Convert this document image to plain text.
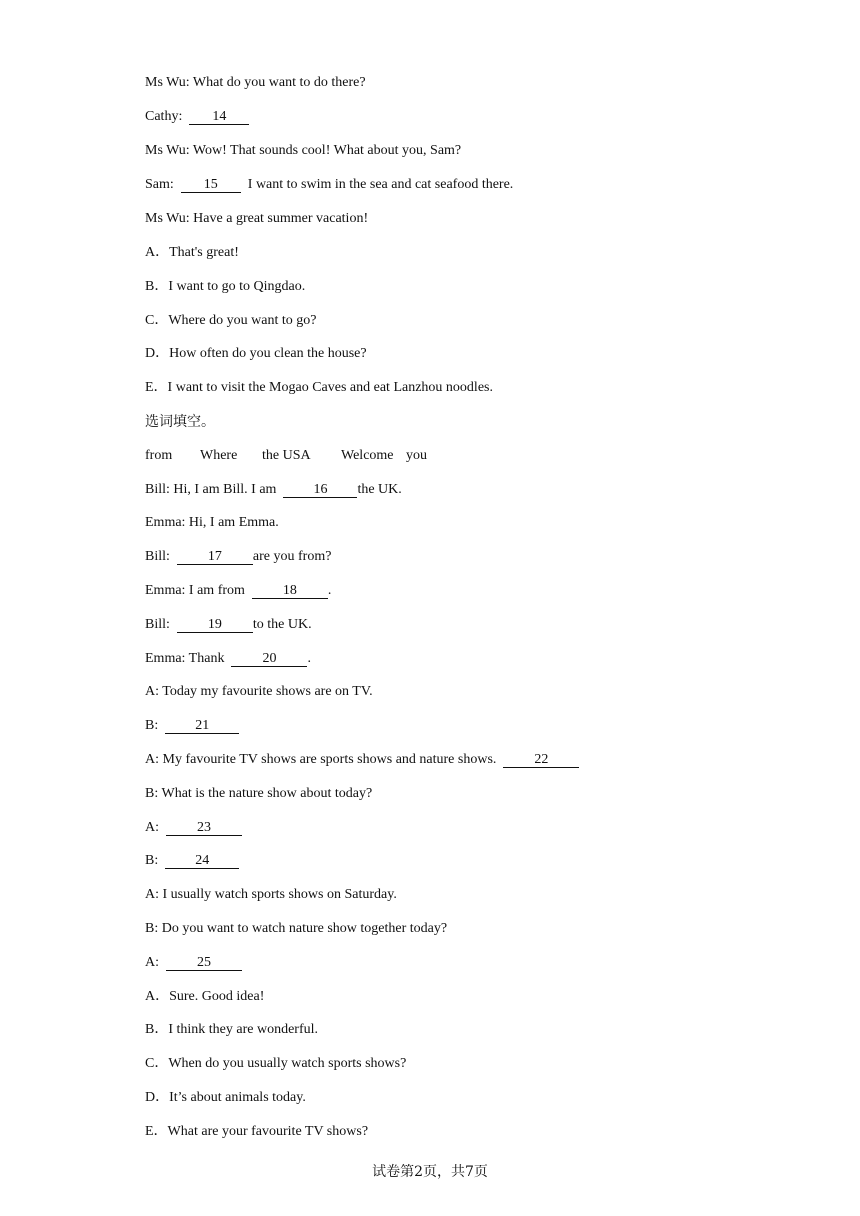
Ms Wu: What do you want to do there?
Cathy: 14
Ms Wu: Wow! That sounds cool! What about you, Sam?
Sam: 15 I want to swim in the sea and cat seafood there.
Ms Wu: Have a great summer vacation!
A．That's great!
B．I want to go to Qingdao.
C．Where do you want to go?
D．How often do you clean the house?
E．I want to visit the Mogao Caves and eat Lanzhou noodles.
选词填空。
from Where the USA Welcome you

Bill: Hi, I am Bill. I am	16 the UK.
Emma: Hi, I am Emma.
Bill:	17 are you from?
Emma: I am from	18 .
Bill:	19 to the UK.
Emma: Thank	20 .
A: Today my favourite shows are on TV.
B:	21
A: My favourite TV shows are sports shows and nature shows.	22
B: What is the nature show about today?
A:	23
B:	24
A: I usually watch sports shows on Saturday.
B: Do you want to watch nature show together today?
A:	25
A．Sure. Good idea!
B．I think they are wonderful.
C．When do you usually watch sports shows?
D．It’s about animals today.
E．What are your favourite TV shows?
试卷第2页，共7页
